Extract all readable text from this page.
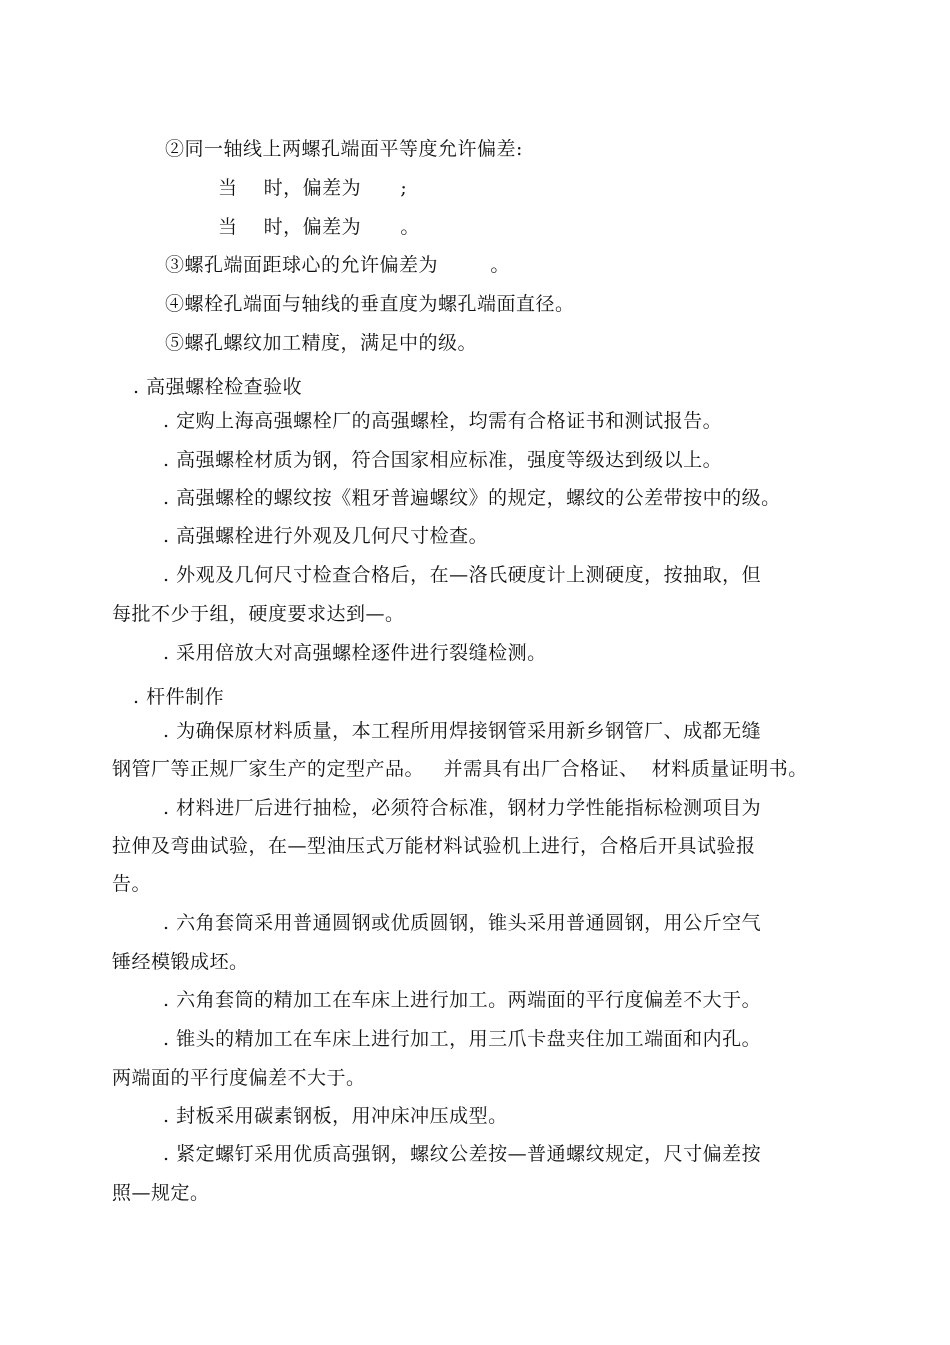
②同一轴线上两螺孔端面平等度允许偏差:
当    时，偏差为      ;
当    时，偏差为      。
③螺孔端面距球心的允许偏差为        。
④螺栓孔端面与轴线的垂直度为螺孔端面直径。
⑤螺孔螺纹加工精度，满足中的级。
. 高强螺栓检查验收
. 定购上海高强螺栓厂的高强螺栓，均需有合格证书和测试报告。
. 高强螺栓材质为钢，符合国家相应标准，强度等级达到级以上。
. 高强螺栓的螺纹按《粗牙普遍螺纹》的规定，螺纹的公差带按中的级。
. 高强螺栓进行外观及几何尺寸检查。
. 外观及几何尺寸检查合格后，在—洛氏硬度计上测硬度，按抽取，但
每批不少于组，硬度要求达到—。
. 采用倍放大对高强螺栓逐件进行裂缝检测。
. 杆件制作
. 为确保原材料质量，本工程所用焊接钢管采用新乡钢管厂、成都无缝
钢管厂等正规厂家生产的定型产品。   并需具有出厂合格证、  材料质量证明书。
. 材料进厂后进行抽检，必须符合标准，钢材力学性能指标检测项目为
拉伸及弯曲试验，在—型油压式万能材料试验机上进行，合格后开具试验报
告。
. 六角套筒采用普通圆钢或优质圆钢，锥头采用普通圆钢，用公斤空气
锤经模锻成坯。
. 六角套筒的精加工在车床上进行加工。两端面的平行度偏差不大于。
. 锥头的精加工在车床上进行加工，用三爪卡盘夹住加工端面和内孔。
两端面的平行度偏差不大于。
. 封板采用碳素钢板，用冲床冲压成型。
. 紧定螺钉采用优质高强钢，螺纹公差按—普通螺纹规定，尺寸偏差按
照—规定。
